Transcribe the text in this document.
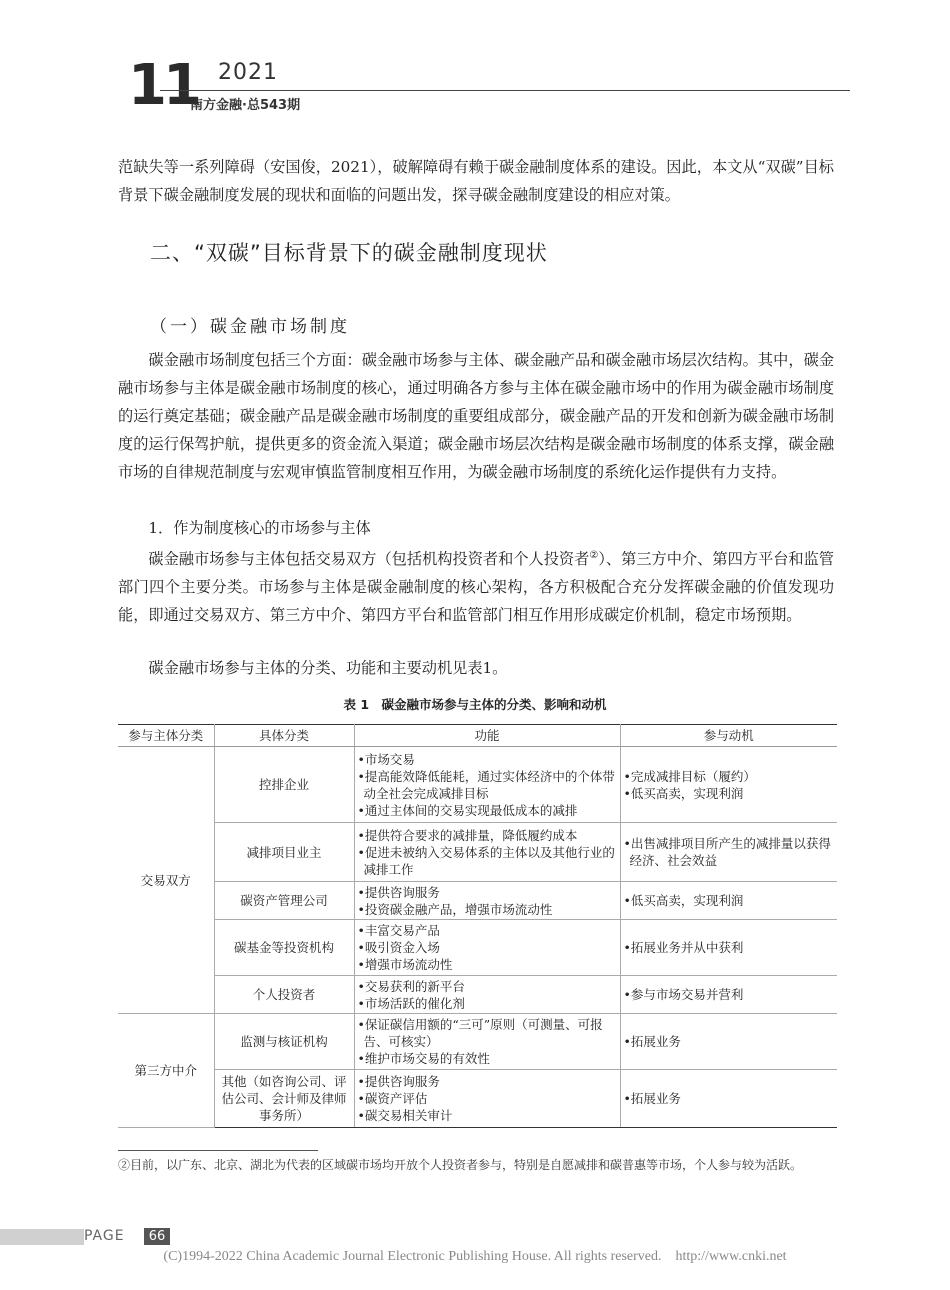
11 2021
南方金融·总543期
范缺失等一系列障碍（安国俊，2021），破解障碍有赖于碳金融制度体系的建设。因此，本文从“双碳”目标背景下碳金融制度发展的现状和面临的问题出发，探寻碳金融制度建设的相应对策。
二、“双碳”目标背景下的碳金融制度现状
（一）碳金融市场制度
碳金融市场制度包括三个方面：碳金融市场参与主体、碳金融产品和碳金融市场层次结构。其中，碳金融市场参与主体是碳金融市场制度的核心，通过明确各方参与主体在碳金融市场中的作用为碳金融市场制度的运行奠定基础；碳金融产品是碳金融市场制度的重要组成部分，碳金融产品的开发和创新为碳金融市场制度的运行保驾护航，提供更多的资金流入渠道；碳金融市场层次结构是碳金融市场制度的体系支撑，碳金融市场的自律规范制度与宏观审慎监管制度相互作用，为碳金融市场制度的系统化运作提供有力支持。
1．作为制度核心的市场参与主体
碳金融市场参与主体包括交易双方（包括机构投资者和个人投资者②）、第三方中介、第四方平台和监管部门四个主要分类。市场参与主体是碳金融制度的核心架构，各方积极配合充分发挥碳金融的价值发现功能，即通过交易双方、第三方中介、第四方平台和监管部门相互作用形成碳定价机制，稳定市场预期。
碳金融市场参与主体的分类、功能和主要动机见表1。
表 1　碳金融市场参与主体的分类、影响和动机
参与主体分类	具体分类	功能	参与动机
交易双方	控排企业	•市场交易
•提高能效降低能耗，通过实体经济中的个体带动全社会完成减排目标
•通过主体间的交易实现最低成本的减排	•完成减排目标（履约）
•低买高卖，实现利润

	减排项目业主	•提供符合要求的减排量，降低履约成本
•促进未被纳入交易体系的主体以及其他行业的减排工作	•出售减排项目所产生的减排量以获得经济、社会效益

	碳资产管理公司	•提供咨询服务
•投资碳金融产品，增强市场流动性	•低买高卖，实现利润

	碳基金等投资机构	•丰富交易产品
•吸引资金入场
•增强市场流动性	•拓展业务并从中获利

	个人投资者	•交易获利的新平台
•市场活跃的催化剂	•参与市场交易并营利

第三方中介	监测与核证机构	•保证碳信用额的“三可”原则（可测量、可报告、可核实）
•维护市场交易的有效性	•拓展业务

	其他（如咨询公司、评估公司、会计师及律师事务所）	•提供咨询服务
•碳资产评估
•碳交易相关审计	•拓展业务
②目前，以广东、北京、湖北为代表的区域碳市场均开放个人投资者参与，特别是自愿减排和碳普惠等市场，个人参与较为活跃。
PAGE	66
(C)1994-2022 China Academic Journal Electronic Publishing House. All rights reserved.　http://www.cnki.net
